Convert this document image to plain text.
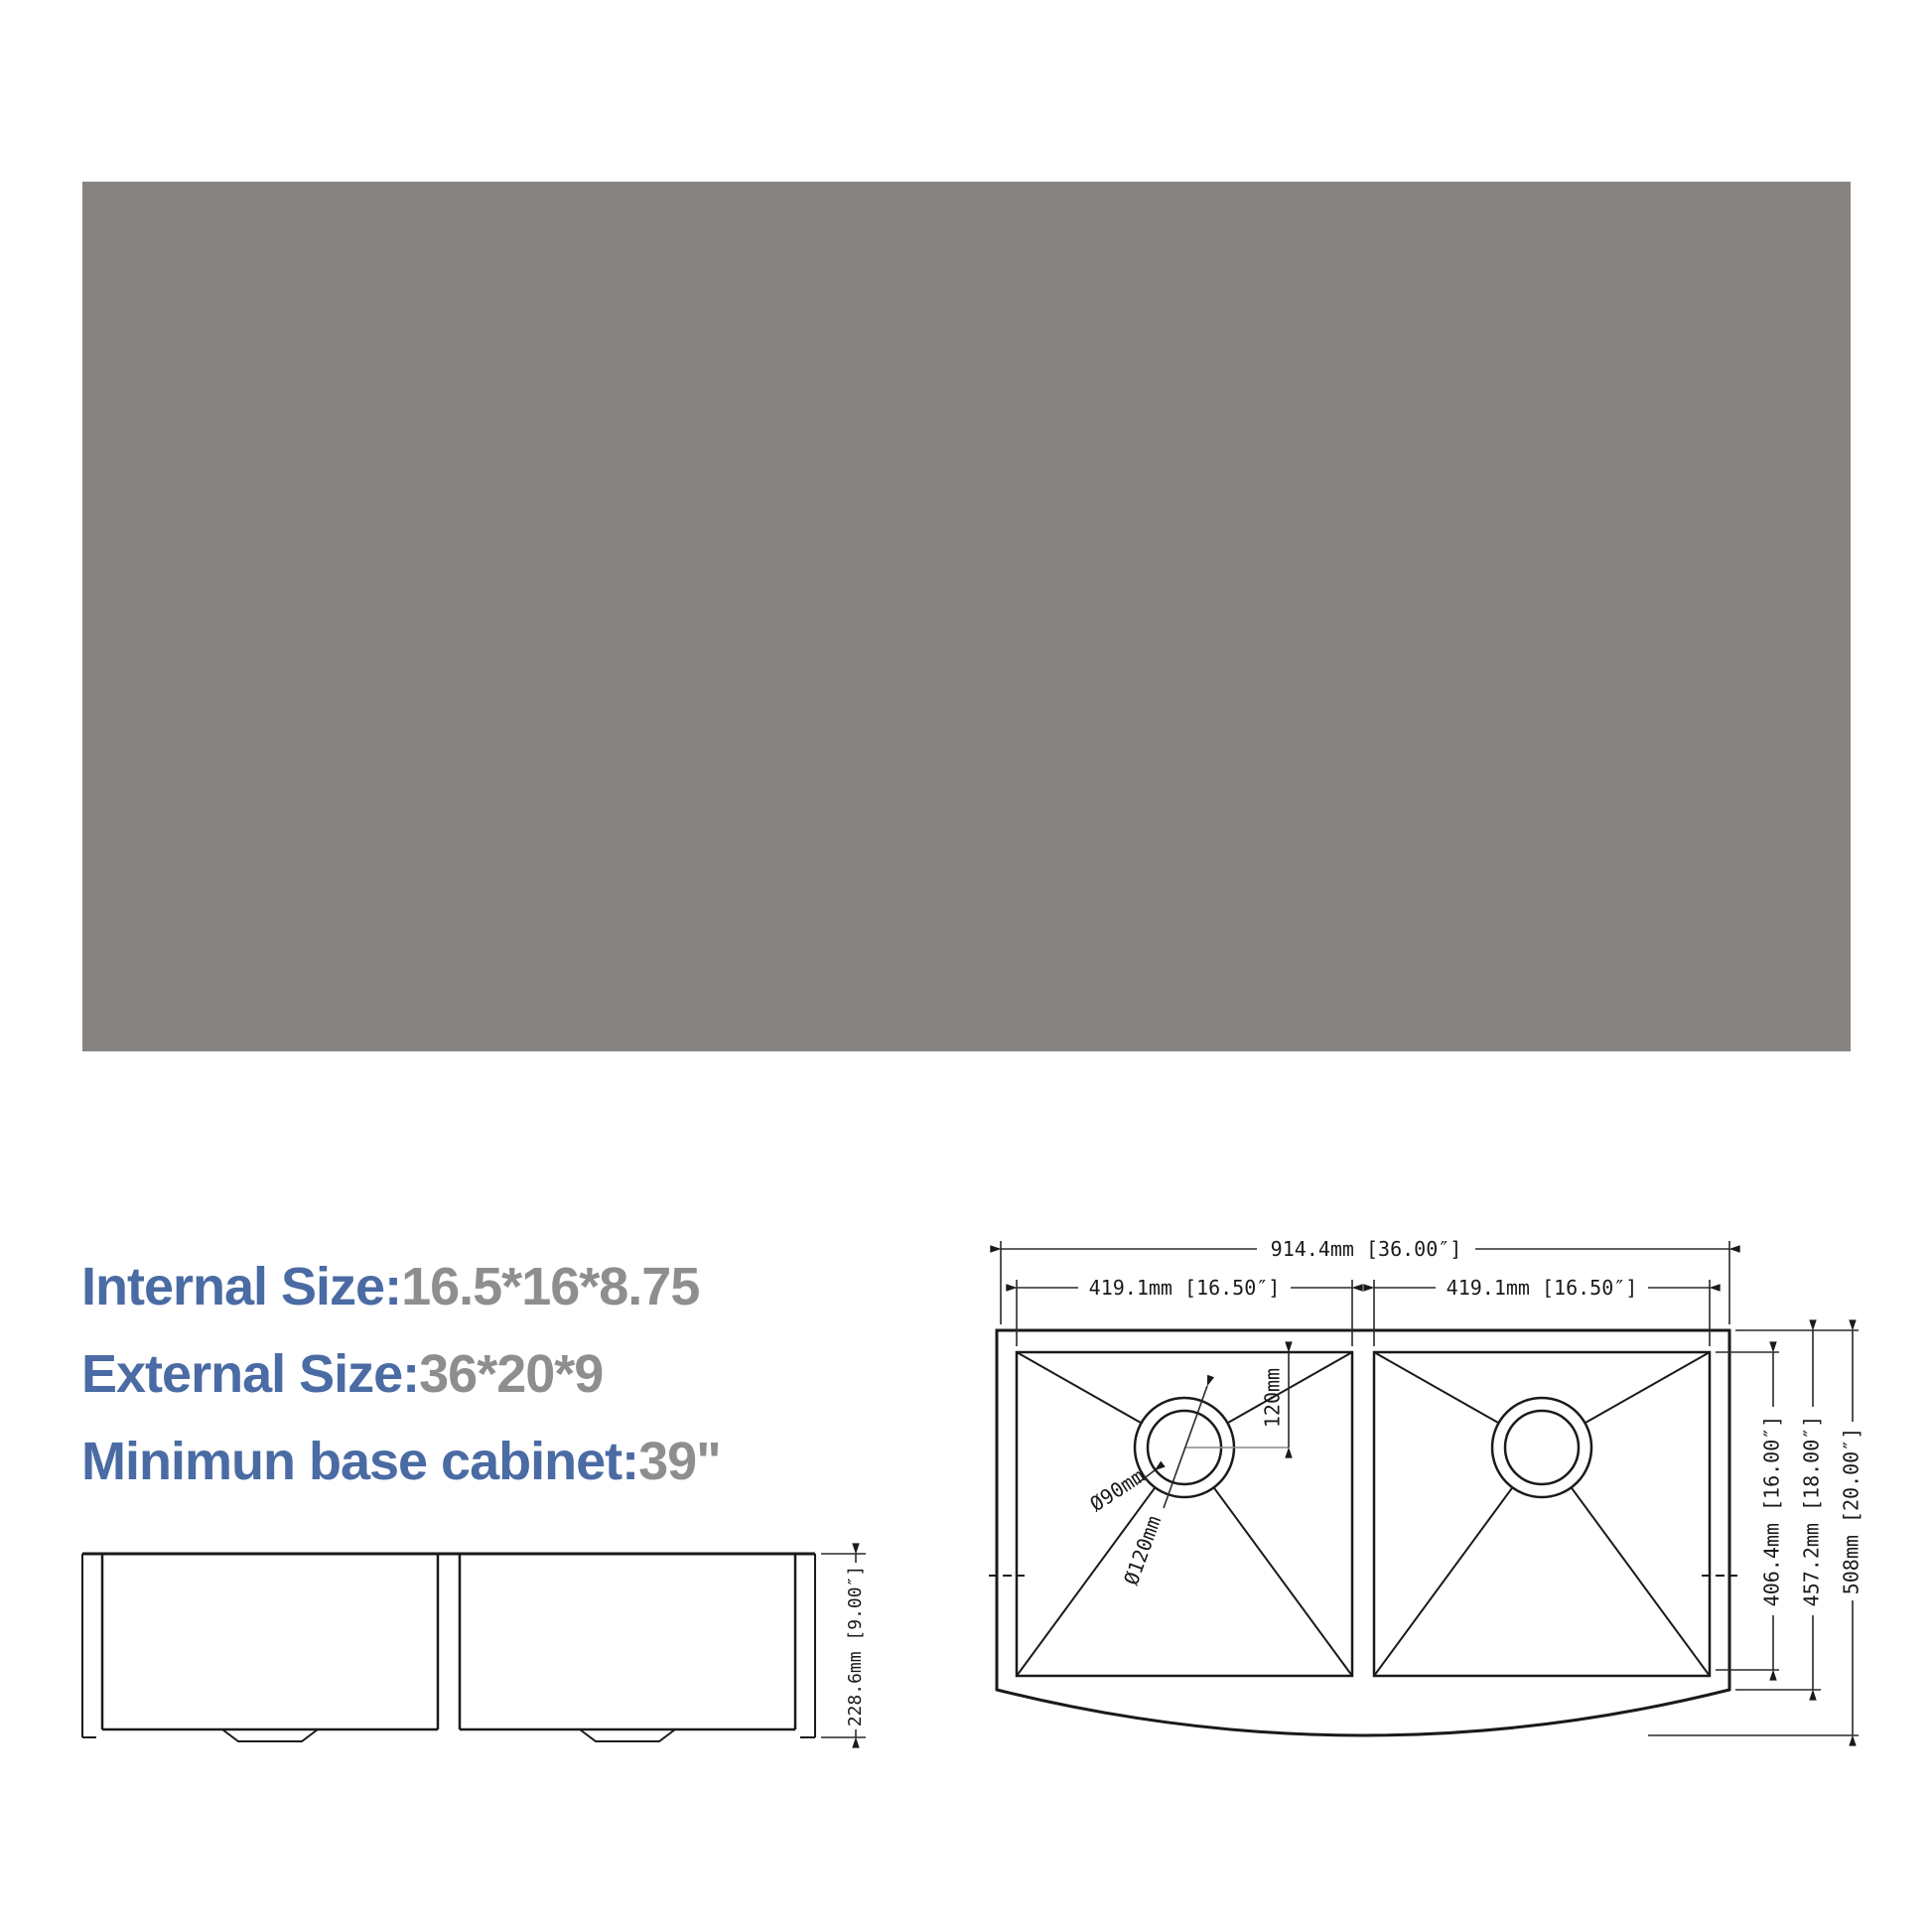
Internal Size:16.5*16*8.75
External Size:36*20*9
Minimun base cabinet:39"
228.6mm [9.00″]
914.4mm [36.00″]
419.1mm [16.50″]	419.1mm [16.50″]
120mm
Ø120mm
Ø90mm	406.4mm [16.00″] 457.2mm [18.00″] 508mm [20.00″]
